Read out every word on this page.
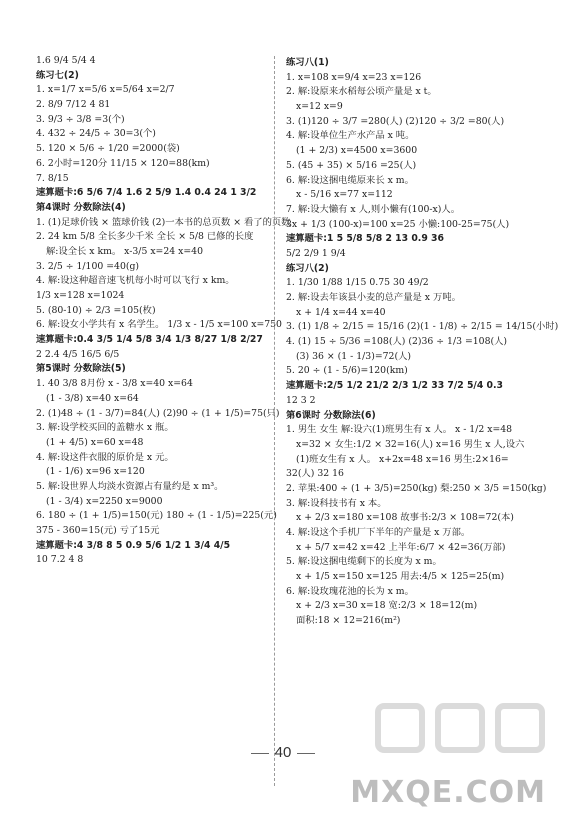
1.6 9/4 5/4 4
练习七(2)
1. x=1/7 x=5/6 x=5/64 x=2/7
2. 8/9 7/12 4 81
3. 9/3 ÷ 3/8 =3(个)
4. 432 ÷ 24/5 ÷ 30=3(个)
5. 120 × 5/6 ÷ 1/20 =2000(袋)
6. 2小时=120分 11/15 × 120=88(km)
7. 8/15
速算题卡:6 5/6 7/4 1.6 2 5/9 1.4 0.4 24 1 3/2
第4课时 分数除法(4)
1. (1)足球价钱 × 篮球价钱 (2)一本书的总页数 × 看了的页数
2. 24 km 5/8 全长多少千米 全长 × 5/8 已修的长度
解:设全长 x km。 x-3/5 x=24 x=40
3. 2/5 ÷ 1/100 =40(g)
4. 解:设这种超音速飞机每小时可以飞行 x km。
1/3 x=128 x=1024
5. (80-10) ÷ 2/3 =105(枚)
6. 解:设女小学共有 x 名学生。 1/3 x - 1/5 x=100 x=750
速算题卡:0.4 3/5 1/4 5/8 3/4 1/3 8/27 1/8 2/27
2 2.4 4/5 16/5 6/5
第5课时 分数除法(5)
1. 40 3/8 8月份 x - 3/8 x=40 x=64
(1 - 3/8) x=40 x=64
2. (1)48 ÷ (1 - 3/7)=84(人) (2)90 ÷ (1 + 1/5)=75(只)
3. 解:设学校买回的盖糖水 x 瓶。
(1 + 4/5) x=60 x=48
4. 解:设这件衣服的原价是 x 元。
(1 - 1/6) x=96 x=120
5. 解:设世界人均淡水资源占有量约是 x m³。
(1 - 3/4) x=2250 x=9000
6. 180 ÷ (1 + 1/5)=150(元) 180 ÷ (1 - 1/5)=225(元)
375 - 360=15(元) 亏了15元
速算题卡:4 3/8 8 5 0.9 5/6 1/2 1 3/4 4/5
10 7.2 4 8
练习八(1)
1. x=108 x=9/4 x=23 x=126
2. 解:设原来水稻每公顷产量是 x t。
x=12 x=9
3. (1)120 ÷ 3/7 =280(人) (2)120 ÷ 3/2 =80(人)
4. 解:设单位生产水产品 x 吨。
(1 + 2/3) x=4500 x=3600
5. (45 + 35) × 5/16 =25(人)
6. 解:设这捆电缆原来长 x m。
x - 5/16 x=77 x=112
7. 解:设大懒有 x 人,则小懒有(100-x)人。
3x + 1/3 (100-x)=100 x=25 小懒:100-25=75(人)
速算题卡:1 5 5/8 5/8 2 13 0.9 36
5/2 2/9 1 9/4
练习八(2)
1. 1/30 1/88 1/15 0.75 30 49/2
2. 解:设去年该县小麦的总产量是 x 万吨。
x + 1/4 x=44 x=40
3. (1) 1/8 ÷ 2/15 = 15/16 (2)(1 - 1/8) ÷ 2/15 = 14/15(小时)
4. (1) 15 ÷ 5/36 =108(人) (2)36 ÷ 1/3 =108(人)
(3) 36 × (1 - 1/3)=72(人)
5. 20 ÷ (1 - 5/6)=120(km)
速算题卡:2/5 1/2 21/2 2/3 1/2 33 7/2 5/4 0.3
12 3 2
第6课时 分数除法(6)
1. 男生 女生 解:设六(1)班男生有 x 人。 x - 1/2 x=48
x=32 × 女生:1/2 × 32=16(人) x=16 男生 x 人,设六
(1)班女生有 x 人。 x+2x=48 x=16 男生:2×16=
32(人) 32 16
2. 苹果:400 ÷ (1 + 3/5)=250(kg) 梨:250 × 3/5 =150(kg)
3. 解:设科技书有 x 本。
x + 2/3 x=180 x=108 故事书:2/3 × 108=72(本)
4. 解:设这个手机厂下半年的产量是 x 万部。
x + 5/7 x=42 x=42 上半年:6/7 × 42=36(万部)
5. 解:设这捆电缆剩下的长度为 x m。
x + 1/5 x=150 x=125 用去:4/5 × 125=25(m)
6. 解:设玫瑰花池的长为 x m。
x + 2/3 x=30 x=18 宽:2/3 × 18=12(m)
面积:18 × 12=216(m²)
40
MXQE.COM
